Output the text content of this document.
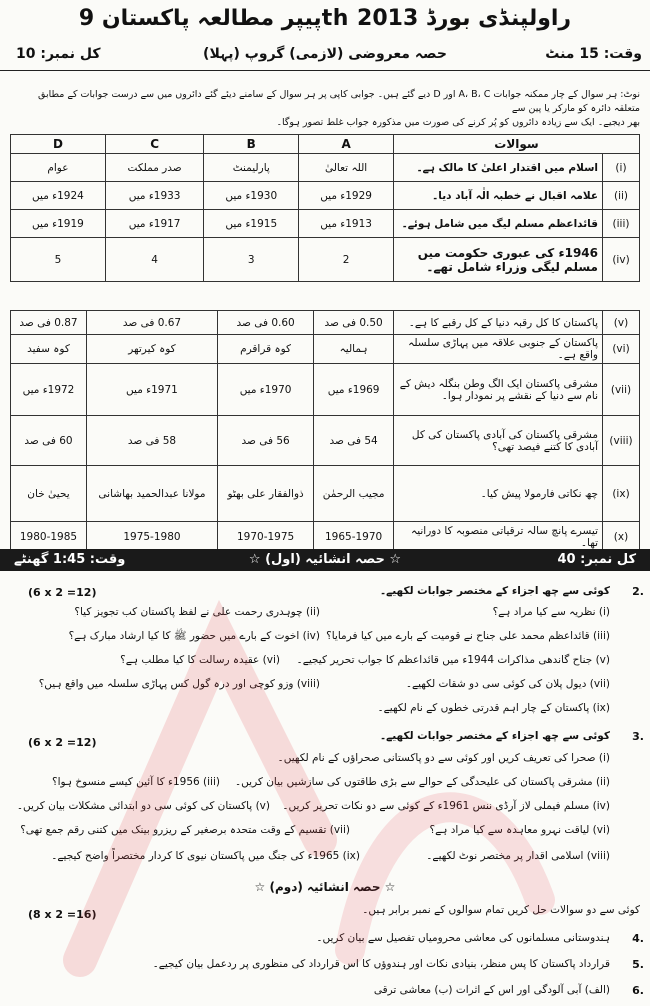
پیپر مطالعہ پاکستان 9th راولپنڈی بورڈ 2013
وقت: 15 منٹ
حصہ معروضی (لازمی) گروپ (پہلا)
کل نمبر: 10
نوٹ: ہر سوال کے چار ممکنہ جوابات A، B، C اور D دیے گئے ہیں۔ جوابی کاپی پر ہر سوال کے سامنے دیئے گئے دائروں میں سے درست جوابات کے مطابق متعلقہ دائرہ کو مارکر یا پین سے
بھر دیجیے۔ ایک سے زیادہ دائروں کو پُر کرنے کی صورت میں مذکورہ جواب غلط تصور ہوگا۔
سوالات		A	B	C	D
(i)	اسلام میں اقتدار اعلیٰ کا مالک ہے۔	اللہ تعالیٰ	پارلیمنٹ	صدر مملکت	عوام
(ii)	علامہ اقبال نے خطبہ الٰہ آباد دیا۔	1929ء میں	1930ء میں	1933ء میں	1924ء میں
(iii)	قائداعظم مسلم لیگ میں شامل ہوئے۔	1913ء میں	1915ء میں	1917ء میں	1919ء میں
(iv)	1946ء کی عبوری حکومت میں مسلم لیگی وزراء شامل تھے۔	2	3	4	5
(v)	پاکستان کا کل رقبہ دنیا کے کل رقبے کا ہے۔	0.50 فی صد	0.60 فی صد	0.67 فی صد	0.87 فی صد
(vi)	پاکستان کے جنوبی علاقہ میں پہاڑی سلسلہ واقع ہے۔	ہمالیہ	کوہ قراقرم	کوہ کیرتھر	کوہ سفید
(vii)	مشرقی پاکستان ایک الگ وطن بنگلہ دیش کے نام سے دنیا کے نقشے پر نمودار ہوا۔	1969ء میں	1970ء میں	1971ء میں	1972ء میں
(viii)	مشرقی پاکستان کی آبادی پاکستان کی کل آبادی کا کتنے فیصد تھی؟	54 فی صد	56 فی صد	58 فی صد	60 فی صد
(ix)	چھ نکاتی فارمولا پیش کیا۔	مجیب الرحمٰن	ذوالفقار علی بھٹو	مولانا عبدالحمید بھاشانی	یحییٰ خان
(x)	تیسرے پانچ سالہ ترقیاتی منصوبہ کا دورانیہ تھا۔	1965-1970	1970-1975	1975-1980	1980-1985
کل نمبر: 40
☆ حصہ انشائیہ (اول) ☆
وقت: 1:45 گھنٹے
2.
کوئی سے چھ اجزاء کے مختصر جوابات لکھیے۔
(6 x 2 =12)
(i) نظریہ سے کیا مراد ہے؟
(ii) چوہدری رحمت علی نے لفظ پاکستان کب تجویز کیا؟
(iii) قائداعظم محمد علی جناح نے قومیت کے بارے میں کیا فرمایا؟
(iv) اخوت کے بارے میں حضور ﷺ کا کیا ارشاد مبارک ہے؟
(v) جناح گاندھی مذاکرات 1944ء میں قائداعظم کا جواب تحریر کیجیے۔
(vi) عقیدہ رسالت کا کیا مطلب ہے؟
(vii) دیول پلان کی کوئی سی دو شقات لکھیے۔
(viii) وزو کوچی اور درہ گول کس پہاڑی سلسلہ میں واقع ہیں؟
(ix) پاکستان کے چار اہم قدرتی خطوں کے نام لکھیے۔
3.
کوئی سے چھ اجزاء کے مختصر جوابات لکھیے۔
(6 x 2 =12)
(i) صحرا کی تعریف کریں اور کوئی سے دو پاکستانی صحراؤں کے نام لکھیں۔
(ii) مشرقی پاکستان کی علیحدگی کے حوالے سے بڑی طاقتوں کی سازشیں بیان کریں۔
(iii) 1956ء کا آئین کیسے منسوخ ہوا؟
(iv) مسلم فیملی لاز آرڈی ننس 1961ء کے کوئی سے دو نکات تحریر کریں۔
(v) پاکستان کی کوئی سی دو ابتدائی مشکلات بیان کریں۔
(vi) لیاقت نہرو معاہدہ سے کیا مراد ہے؟
(vii) تقسیم کے وقت متحدہ برصغیر کے ریزرو بینک میں کتنی رقم جمع تھی؟
(viii) اسلامی اقدار پر مختصر نوٹ لکھیے۔
(ix) 1965ء کی جنگ میں پاکستان نیوی کا کردار مختصراً واضح کیجیے۔
☆ حصہ انشائیہ (دوم) ☆
کوئی سے دو سوالات حل کریں تمام سوالوں کے نمبر برابر ہیں۔
(8 x 2 =16)
4.
ہندوستانی مسلمانوں کی معاشی محرومیاں تفصیل سے بیان کریں۔
5.
قرارداد پاکستان کا پس منظر، بنیادی نکات اور ہندوؤں کا اس قرارداد کی منظوری پر ردعمل بیان کیجیے۔
6.
(الف) آبی آلودگی اور اس کے اثرات (ب) معاشی ترقی
